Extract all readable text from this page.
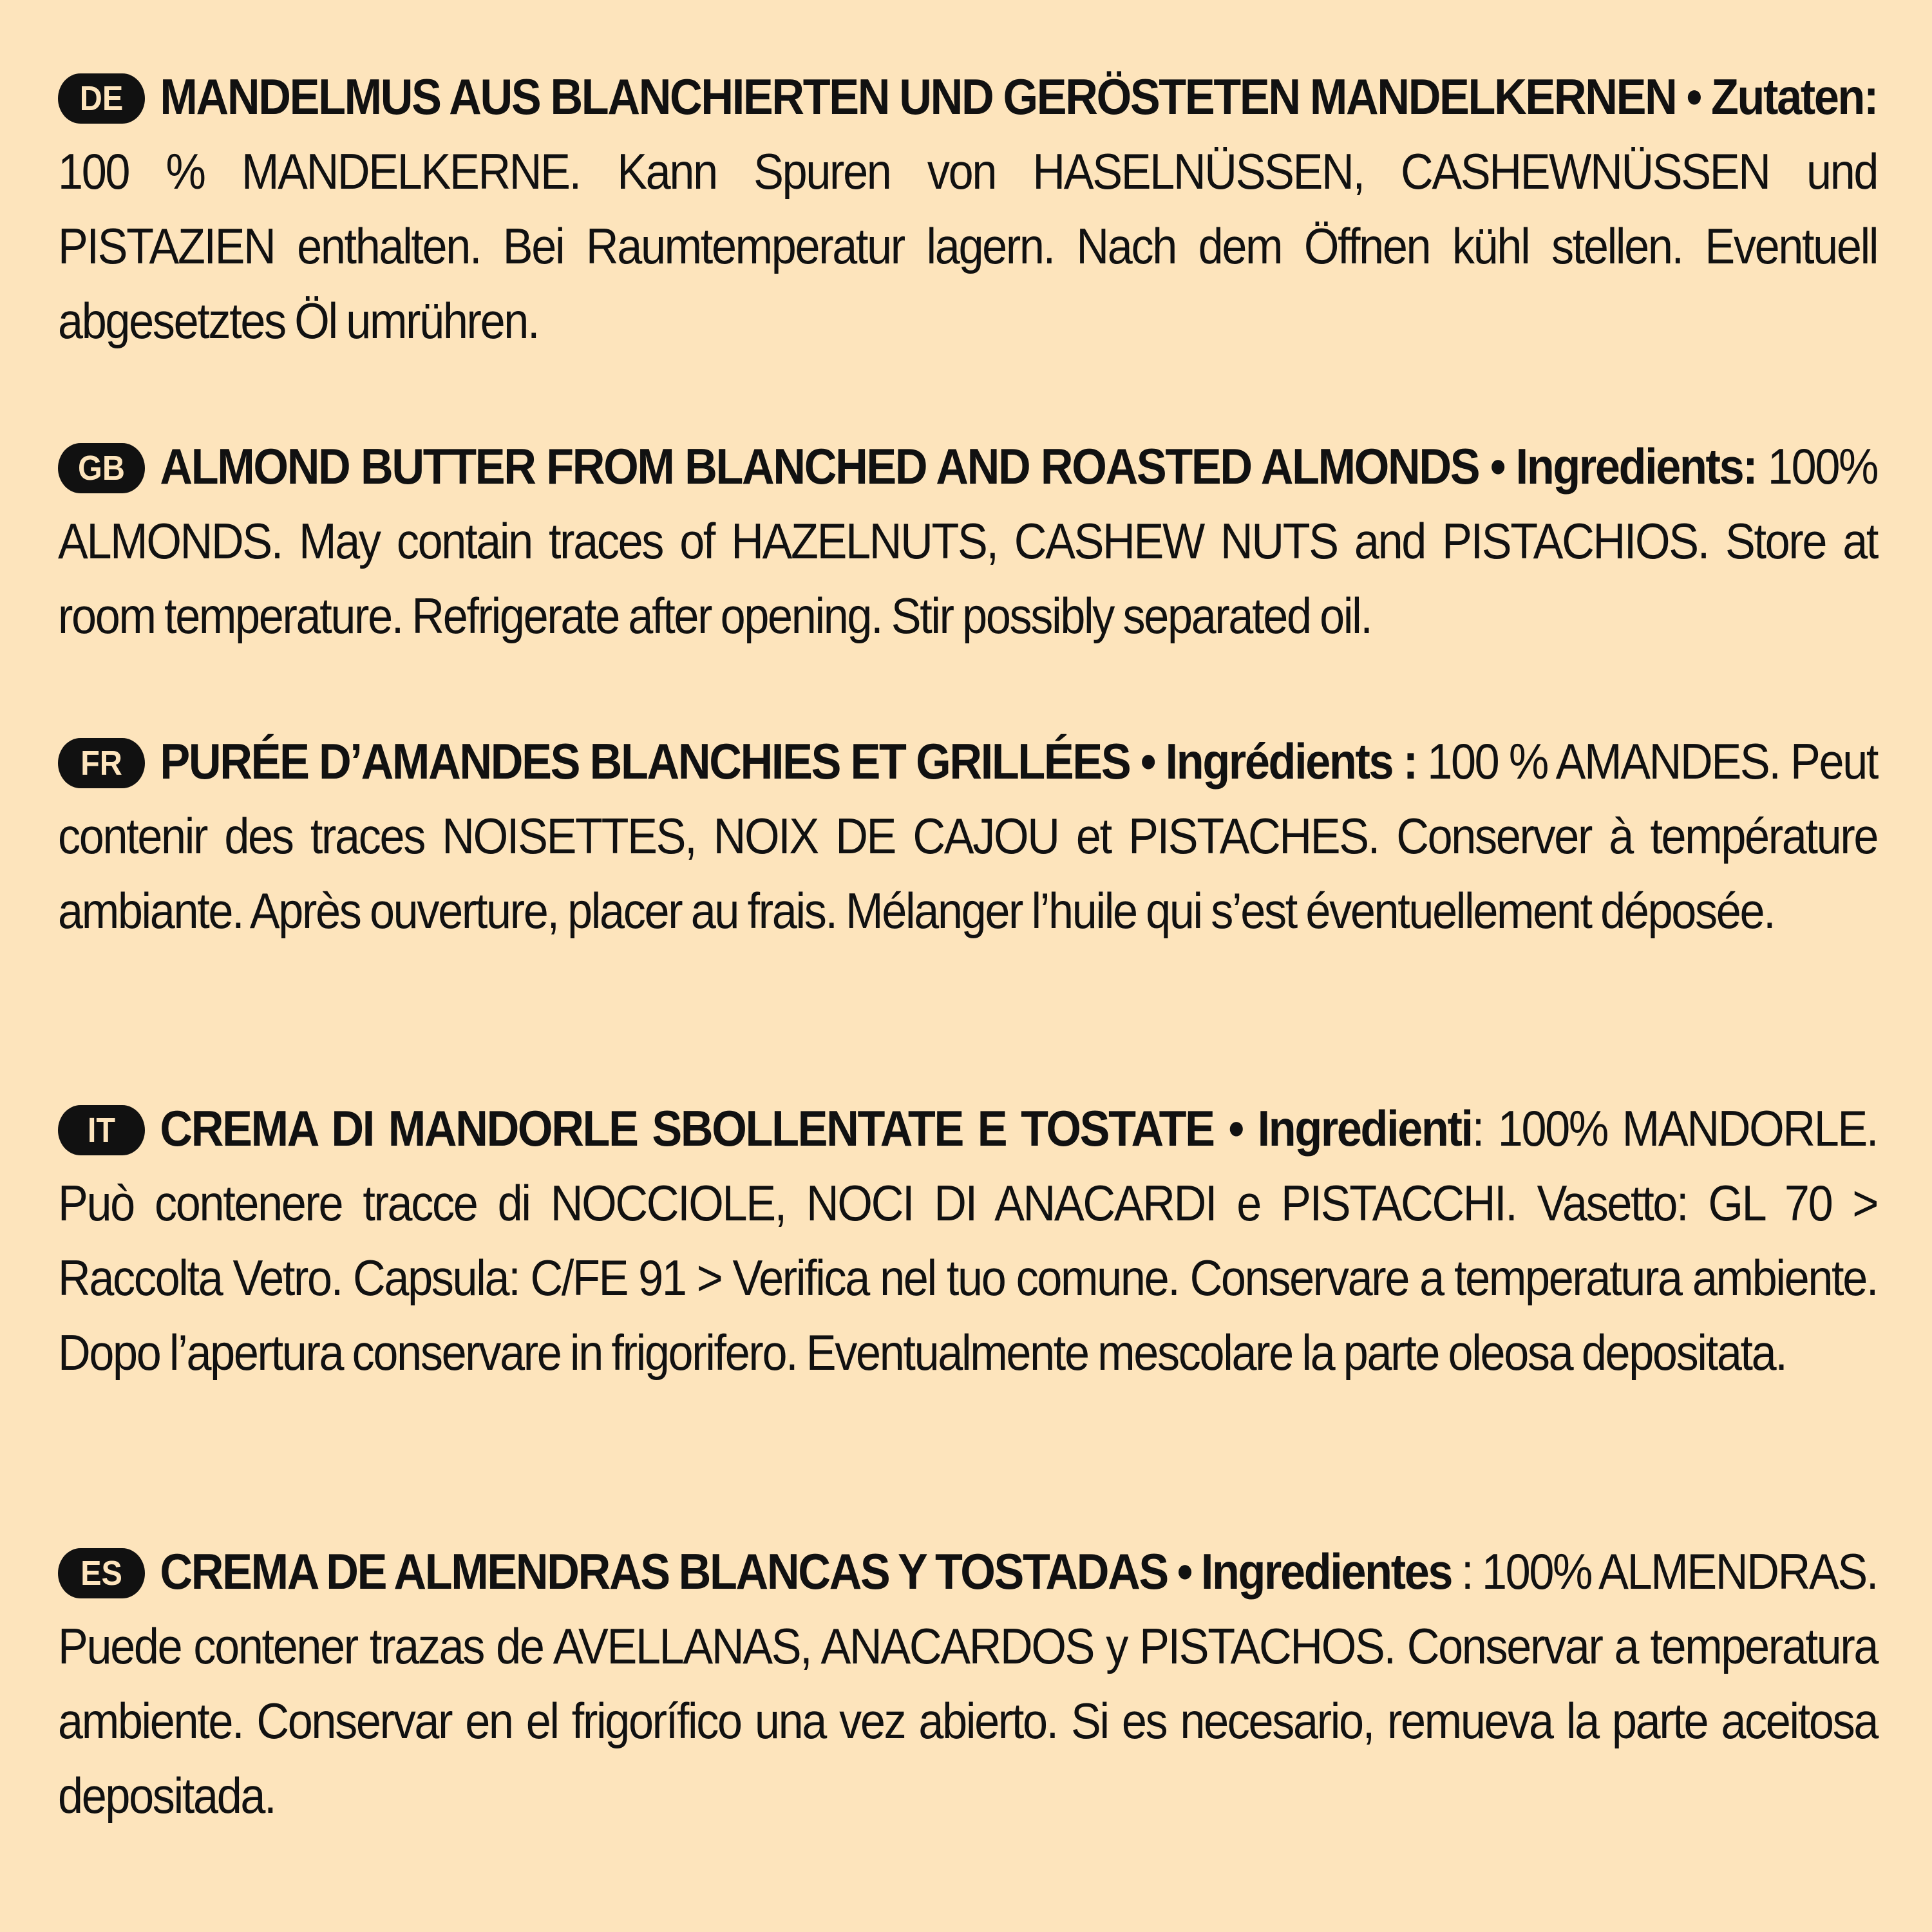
DE MANDELMUS AUS BLANCHIERTEN UND GERÖSTETEN MANDELKERNEN • Zutaten: 100 % MANDELKERNE. Kann Spuren von HASELNÜSSEN, CASHEWNÜSSEN und PISTAZIEN enthalten. Bei Raumtemperatur lagern. Nach dem Öffnen kühl stellen. Eventuell abgesetztes Öl umrühren.
GB ALMOND BUTTER FROM BLANCHED AND ROASTED ALMONDS • Ingredients: 100% ALMONDS. May contain traces of HAZELNUTS, CASHEW NUTS and PISTACHIOS. Store at room temperature. Refrigerate after opening. Stir possibly separated oil.
FR PURÉE D’AMANDES BLANCHIES ET GRILLÉES • Ingrédients : 100 % AMANDES. Peut contenir des traces NOISETTES, NOIX DE CAJOU et PISTACHES. Conserver à température ambiante. Après ouverture, placer au frais. Mélanger l’huile qui s’est éventuellement déposée.
IT CREMA DI MANDORLE SBOLLENTATE E TOSTATE • Ingredienti: 100% MANDORLE. Può contenere tracce di NOCCIOLE, NOCI DI ANACARDI e PISTACCHI. Vasetto: GL 70 > Raccolta Vetro. Capsula: C/FE 91 > Verifica nel tuo comune. Conservare a temperatura ambiente. Dopo l’apertura conservare in frigorifero. Eventualmente mescolare la parte oleosa depositata.
ES CREMA DE ALMENDRAS BLANCAS Y TOSTADAS • Ingredientes : 100% ALMENDRAS. Puede contener trazas de AVELLANAS, ANACARDOS y PISTACHOS. Conservar a temperatura ambiente. Conservar en el frigorífico una vez abierto. Si es necesario, remueva la parte aceitosa depositada.
